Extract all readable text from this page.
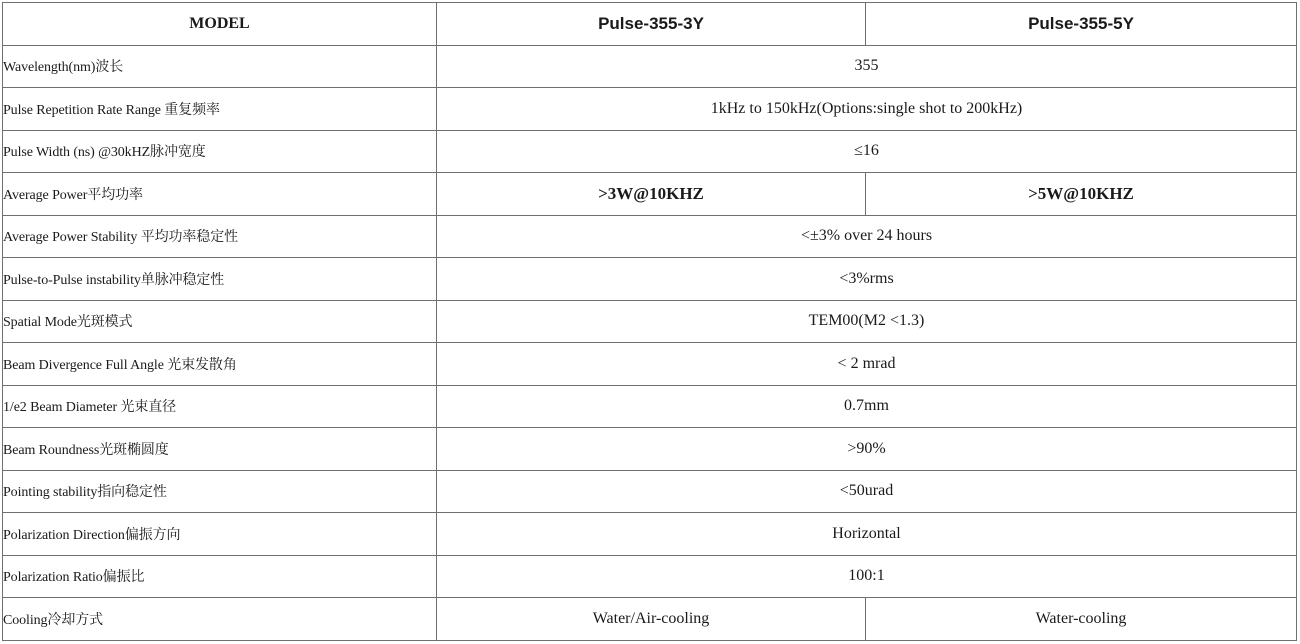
MODEL	Pulse-355-3Y	Pulse-355-5Y
Wavelength(nm)波长	355	
Pulse Repetition Rate Range 重复频率	1kHz to 150kHz(Options:single shot to 200kHz)	
Pulse Width (ns) @30kHZ脉冲宽度	≤16	
Average Power平均功率	>3W@10KHZ	>5W@10KHZ
Average Power Stability 平均功率稳定性	<±3% over 24 hours	
Pulse-to-Pulse instability单脉冲稳定性	<3%rms	
Spatial Mode光斑模式	TEM00(M2 <1.3)	
Beam Divergence Full Angle 光束发散角	< 2 mrad	
1/e2 Beam Diameter 光束直径	0.7mm	
Beam Roundness光斑椭圆度	>90%	
Pointing stability指向稳定性	<50urad	
Polarization Direction偏振方向	Horizontal	
Polarization Ratio偏振比	100:1	
Cooling冷却方式	Water/Air-cooling	Water-cooling
